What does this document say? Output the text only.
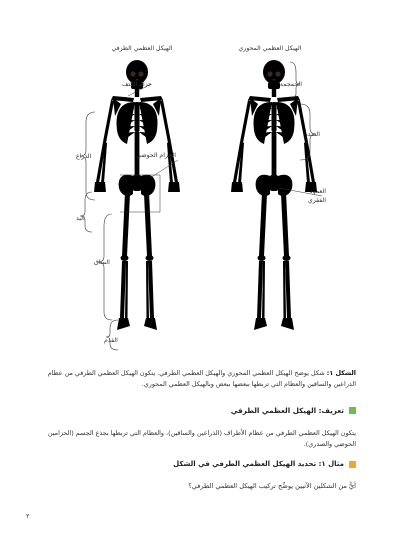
الهيكل العظمي الطرفي	الهيكل العظمي المحوري
حزام الكتف
الحزام الحوضي
الذراع
اليد
الساق
القدم
الجمجمة
الصدر
العمود
الفقري
الشكل ١: شكل يوضح الهيكل العظمي المحوري والهيكل العظمي الطرفي. يتكون الهيكل العظمي الطرفي من عظام الذراعين والساقين والعظام التي تربطها ببعضها ببعض وبالهيكل العظمي المحوري.
تعريف: الهيكل العظمي الطرفي
يتكون الهيكل العظمي الطرفي من عظام الأطراف (الذراعين والساقين)، والعظام التي تربطها بجذع الجسم (الحزامين الحوضي والصدري).
مثال ١: تحديد الهيكل العظمي الطرفي في الشكل
أيٌّ من الشكلين الآتيين يوضِّح تركيب الهيكل العظمي الطرفي؟
٢
